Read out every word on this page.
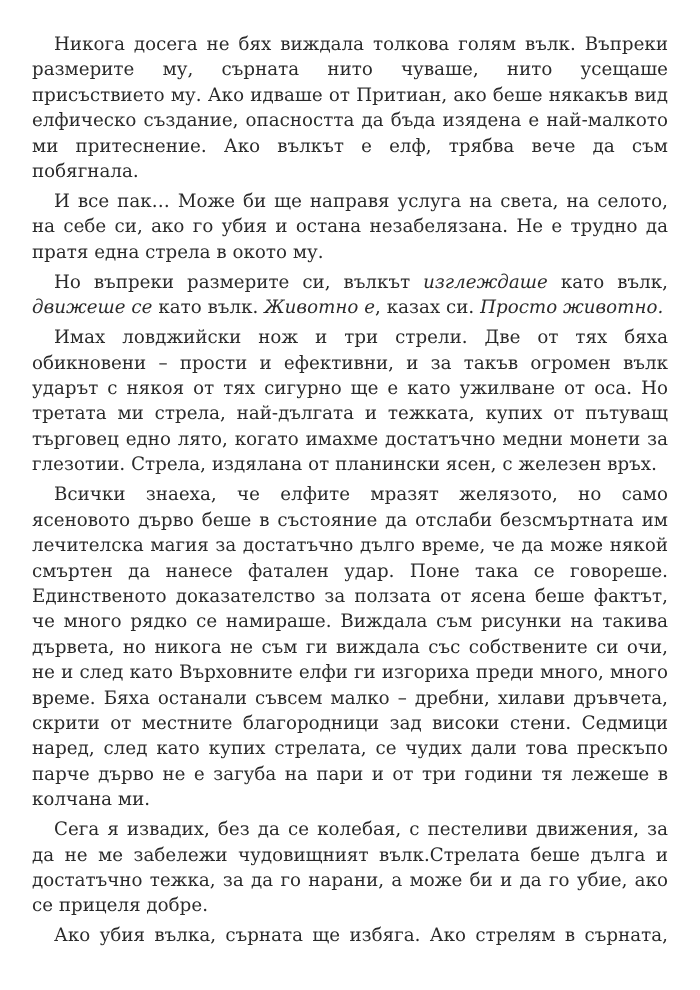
Никога досега не бях виждала толкова голям вълк. Въпреки размерите му, сърната нито чуваше, нито усещаше присъствието му. Ако идваше от Притиан, ако беше някакъв вид елфическо създание, опасността да бъда изядена е най-малкото ми притеснение. Ако вълкът е елф, трябва вече да съм побягнала.

И все пак… Може би ще направя услуга на света, на селото, на себе си, ако го убия и остана незабелязана. Не е трудно да пратя една стрела в окото му.

Но въпреки размерите си, вълкът изглеждаше като вълк, движеше се като вълк. Животно е, казах си. Просто животно.

Имах ловджийски нож и три стрели. Две от тях бяха обикновени – прости и ефективни, и за такъв огромен вълк ударът с някоя от тях сигурно ще е като ужилване от оса. Но третата ми стрела, най-дългата и тежката, купих от пътуващ търговец едно лято, когато имахме достатъчно медни монети за глезотии. Стрела, издялана от планински ясен, с железен връх.

Всички знаеха, че елфите мразят желязото, но само ясеновото дърво беше в състояние да отслаби безсмъртната им лечителска магия за достатъчно дълго време, че да може някой смъртен да нанесе фатален удар. Поне така се говореше. Единственото доказателство за ползата от ясена беше фактът, че много рядко се намираше. Виждала съм рисунки на такива дървета, но никога не съм ги виждала със собствените си очи, не и след като Върховните елфи ги изгориха преди много, много време. Бяха останали съвсем малко – дребни, хилави дръвчета, скрити от местните благородници зад високи стени. Седмици наред, след като купих стрелата, се чудих дали това прескъпо парче дърво не е загуба на пари и от три години тя лежеше в колчана ми.

Сега я извадих, без да се колебая, с пестеливи движения, за да не ме забележи чудовищният вълк.Стрелата беше дълга и достатъчно тежка, за да го нарани, а може би и да го убие, ако се прицеля добре.

Ако убия вълка, сърната ще избяга. Ако стрелям в сърната,
